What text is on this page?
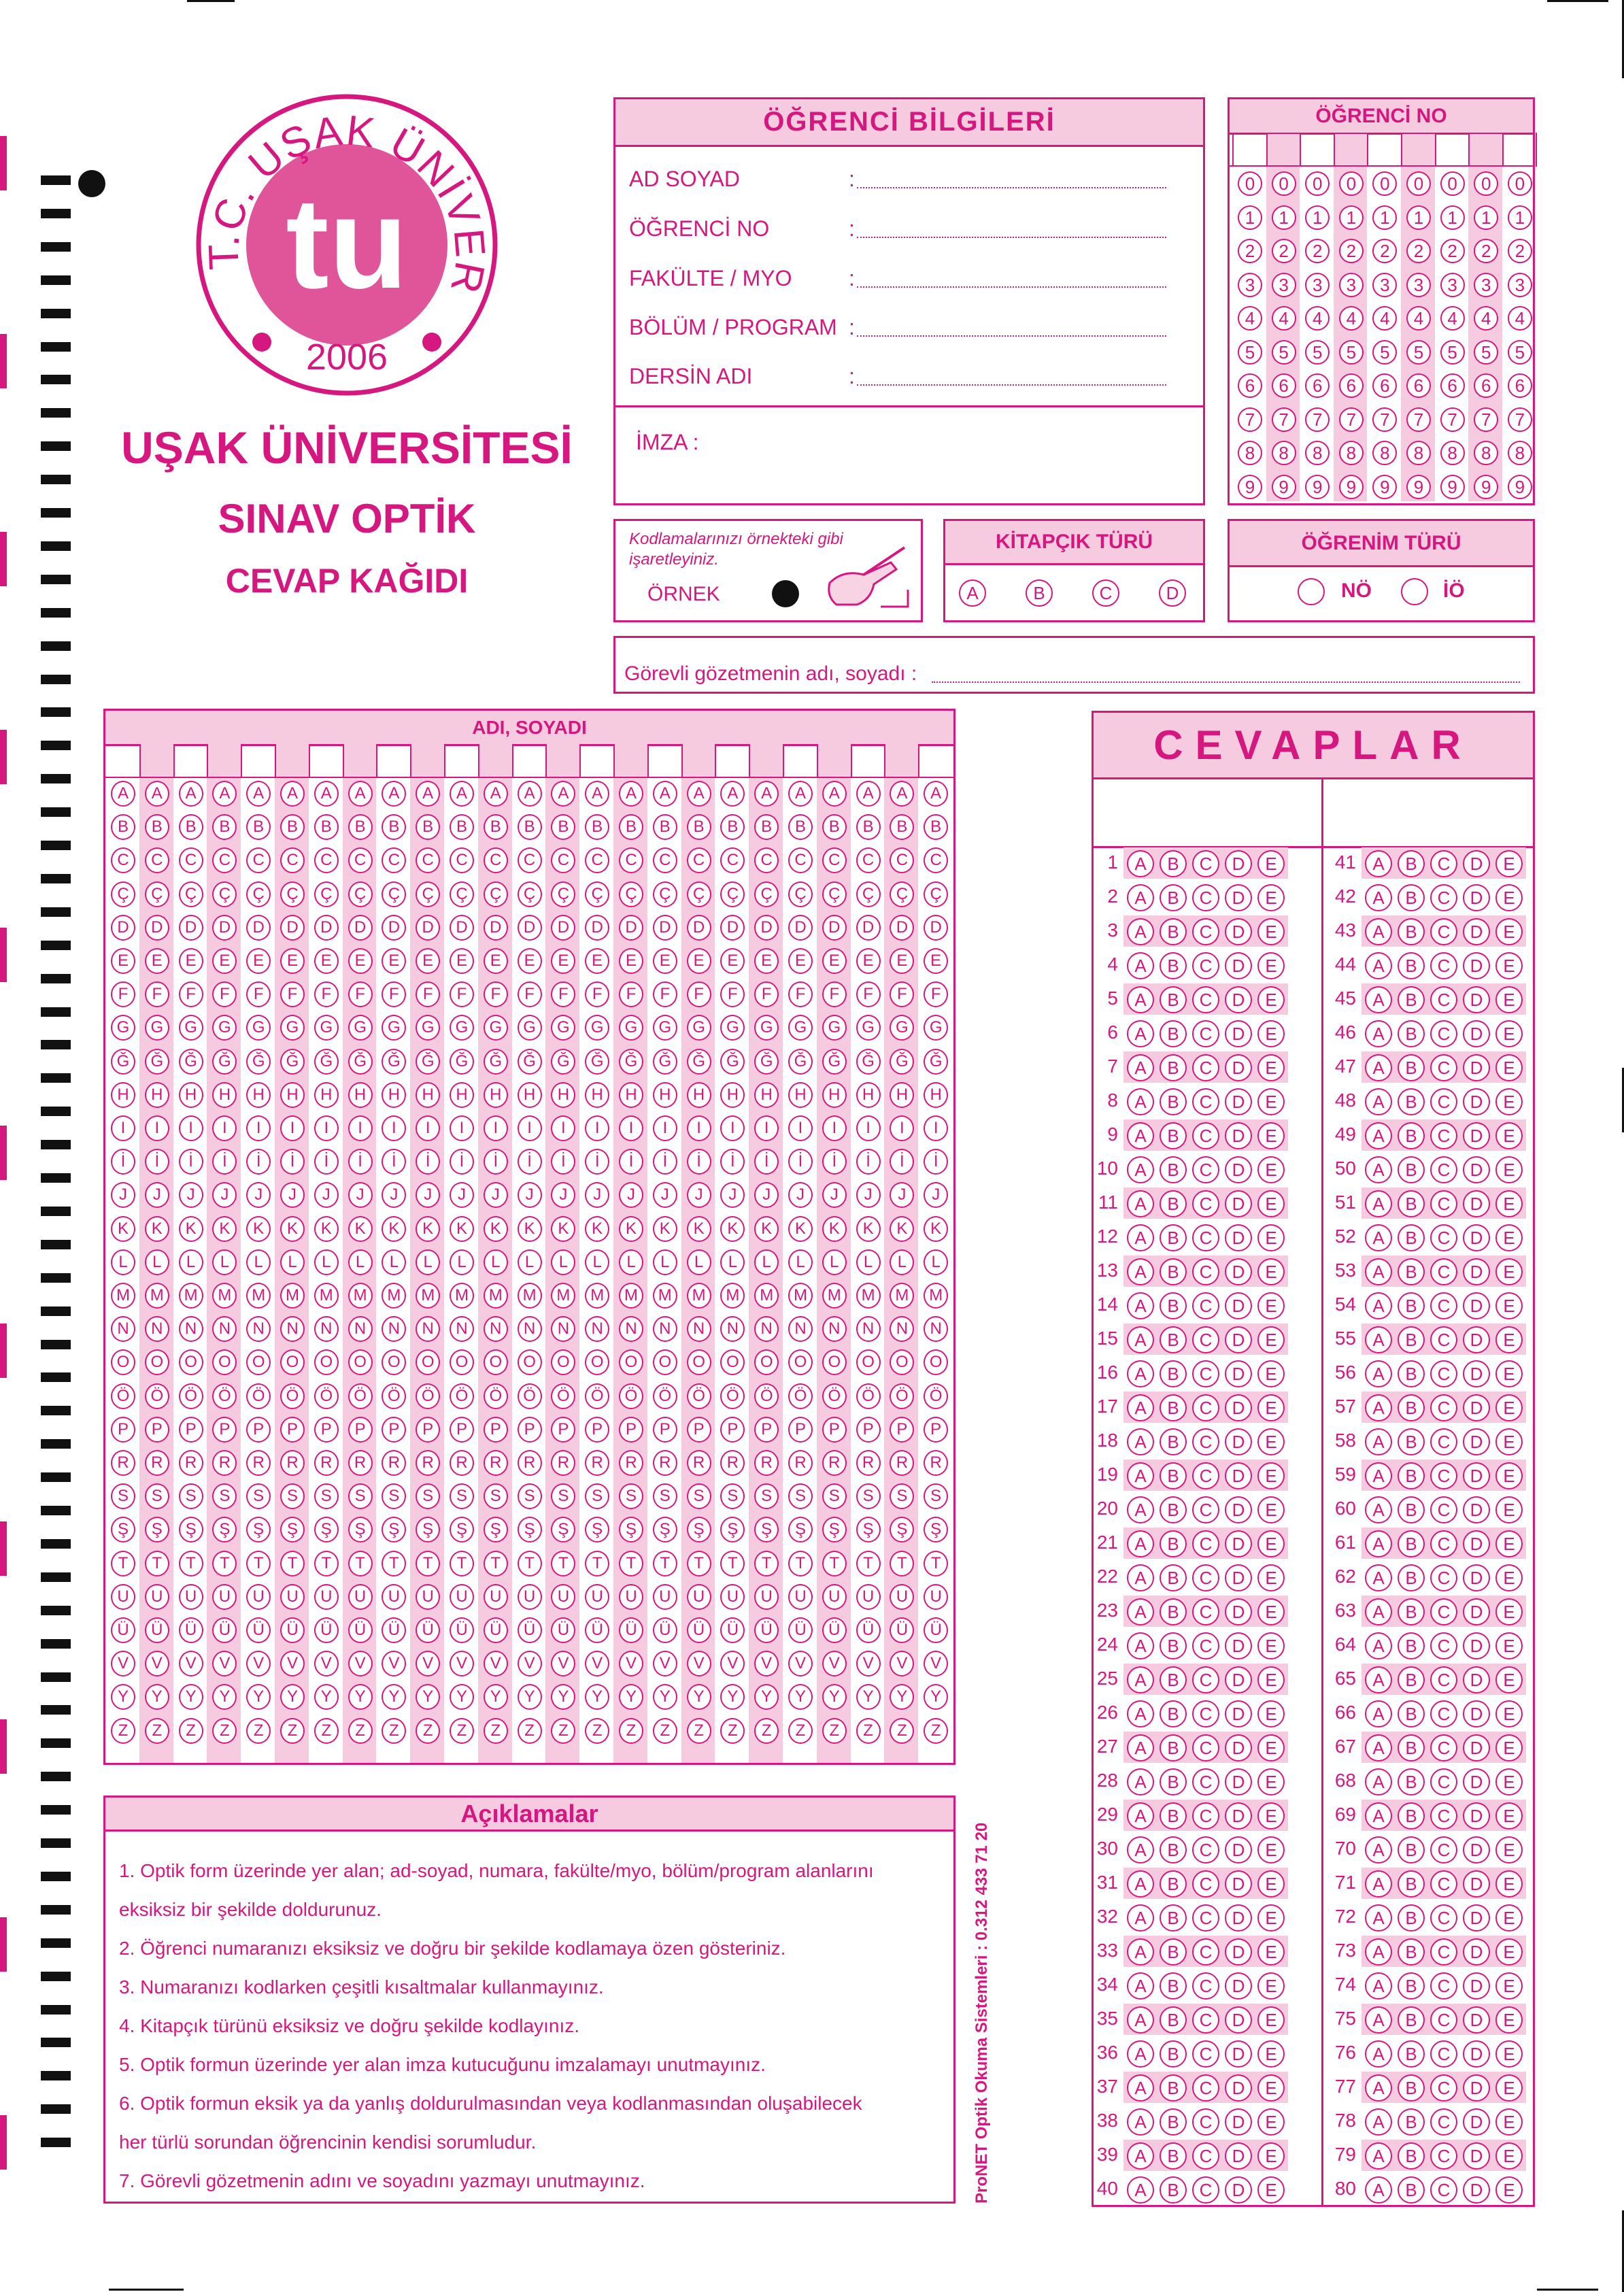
T.C. UŞAK ÜNİVER
tu
2006
UŞAK ÜNİVERSİTESİ
SINAV OPTİK
CEVAP KAĞIDI
ÖĞRENCİ BİLGİLERİ
AD SOYAD	:
ÖĞRENCİ NO	:
FAKÜLTE / MYO	:
BÖLÜM / PROGRAM :
DERSİN ADI	:
İMZA :
ÖĞRENCİ NO
0	0	0	0	0	0	0	0	0
1	1	1	1	1	1	1	1	1
2	2	2	2	2	2	2	2	2
3	3	3	3	3	3	3	3	3
4	4	4	4	4	4	4	4	4
5	5	5	5	5	5	5	5	5
6	6	6	6	6	6	6	6	6
7	7	7	7	7	7	7	7	7
8	8	8	8	8	8	8	8	8
9	9	9	9	9	9	9	9	9
Kodlamalarınızı örnekteki gibi işaretleyiniz.
ÖRNEK
KİTAPÇIK TÜRÜ
A	B	C	D
ÖĞRENİM TÜRÜ
NÖ	İÖ
Görevli gözetmenin adı, soyadı :
ADI, SOYADI
A	A	A	A	A	A	A	A	A	A	A	A	A	A	A	A	A	A	A	A	A	A	A	A	A
B	B	B	B	B	B	B	B	B	B	B	B	B	B	B	B	B	B	B	B	B	B	B	B	B
C	C	C	C	C	C	C	C	C	C	C	C	C	C	C	C	C	C	C	C	C	C	C	C	C
Ç	Ç	Ç	Ç	Ç	Ç	Ç	Ç	Ç	Ç	Ç	Ç	Ç	Ç	Ç	Ç	Ç	Ç	Ç	Ç	Ç	Ç	Ç	Ç	Ç
D	D	D	D	D	D	D	D	D	D	D	D	D	D	D	D	D	D	D	D	D	D	D	D	D
E	E	E	E	E	E	E	E	E	E	E	E	E	E	E	E	E	E	E	E	E	E	E	E	E
F	F	F	F	F	F	F	F	F	F	F	F	F	F	F	F	F	F	F	F	F	F	F	F	F
G	G	G	G	G	G	G	G	G	G	G	G	G	G	G	G	G	G	G	G	G	G	G	G	G
Ğ	Ğ	Ğ	Ğ	Ğ	Ğ	Ğ	Ğ	Ğ	Ğ	Ğ	Ğ	Ğ	Ğ	Ğ	Ğ	Ğ	Ğ	Ğ	Ğ	Ğ	Ğ	Ğ	Ğ	Ğ
H	H	H	H	H	H	H	H	H	H	H	H	H	H	H	H	H	H	H	H	H	H	H	H	H
I	I	I	I	I	I	I	I	I	I	I	I	I	I	I	I	I	I	I	I	I	I	I	I	I
İ	İ	İ	İ	İ	İ	İ	İ	İ	İ	İ	İ	İ	İ	İ	İ	İ	İ	İ	İ	İ	İ	İ	İ	İ
J	J	J	J	J	J	J	J	J	J	J	J	J	J	J	J	J	J	J	J	J	J	J	J	J
K	K	K	K	K	K	K	K	K	K	K	K	K	K	K	K	K	K	K	K	K	K	K	K	K
L	L	L	L	L	L	L	L	L	L	L	L	L	L	L	L	L	L	L	L	L	L	L	L	L
M	M	M	M	M	M	M	M	M	M	M	M	M	M	M	M	M	M	M	M	M	M	M	M	M
N	N	N	N	N	N	N	N	N	N	N	N	N	N	N	N	N	N	N	N	N	N	N	N	N
O	O	O	O	O	O	O	O	O	O	O	O	O	O	O	O	O	O	O	O	O	O	O	O	O
Ö	Ö	Ö	Ö	Ö	Ö	Ö	Ö	Ö	Ö	Ö	Ö	Ö	Ö	Ö	Ö	Ö	Ö	Ö	Ö	Ö	Ö	Ö	Ö	Ö
P	P	P	P	P	P	P	P	P	P	P	P	P	P	P	P	P	P	P	P	P	P	P	P	P
R	R	R	R	R	R	R	R	R	R	R	R	R	R	R	R	R	R	R	R	R	R	R	R	R
S	S	S	S	S	S	S	S	S	S	S	S	S	S	S	S	S	S	S	S	S	S	S	S	S
Ş	Ş	Ş	Ş	Ş	Ş	Ş	Ş	Ş	Ş	Ş	Ş	Ş	Ş	Ş	Ş	Ş	Ş	Ş	Ş	Ş	Ş	Ş	Ş	Ş
T	T	T	T	T	T	T	T	T	T	T	T	T	T	T	T	T	T	T	T	T	T	T	T	T
U	U	U	U	U	U	U	U	U	U	U	U	U	U	U	U	U	U	U	U	U	U	U	U	U
Ü	Ü	Ü	Ü	Ü	Ü	Ü	Ü	Ü	Ü	Ü	Ü	Ü	Ü	Ü	Ü	Ü	Ü	Ü	Ü	Ü	Ü	Ü	Ü	Ü
V	V	V	V	V	V	V	V	V	V	V	V	V	V	V	V	V	V	V	V	V	V	V	V	V
Y	Y	Y	Y	Y	Y	Y	Y	Y	Y	Y	Y	Y	Y	Y	Y	Y	Y	Y	Y	Y	Y	Y	Y	Y
Z	Z	Z	Z	Z	Z	Z	Z	Z	Z	Z	Z	Z	Z	Z	Z	Z	Z	Z	Z	Z	Z	Z	Z	Z
CEVAPLAR
1 A	B	C	D	E
2 A	B	C	D	E
3 A	B	C	D	E
4 A	B	C	D	E
5 A	B	C	D	E
6 A	B	C	D	E
7 A	B	C	D	E
8 A	B	C	D	E
9 A	B	C	D	E
10 A	B	C	D	E
11 A	B	C	D	E
12 A	B	C	D	E
13 A	B	C	D	E
14 A	B	C	D	E
15 A	B	C	D	E
16 A	B	C	D	E
17 A	B	C	D	E
18 A	B	C	D	E
19 A	B	C	D	E
20 A	B	C	D	E
21 A	B	C	D	E
22 A	B	C	D	E
23 A	B	C	D	E
24 A	B	C	D	E
25 A	B	C	D	E
26 A	B	C	D	E
27 A	B	C	D	E
28 A	B	C	D	E
29 A	B	C	D	E
30 A	B	C	D	E
31 A	B	C	D	E
32 A	B	C	D	E
33 A	B	C	D	E
34 A	B	C	D	E
35 A	B	C	D	E
36 A	B	C	D	E
37 A	B	C	D	E
38 A	B	C	D	E
39 A	B	C	D	E
40 A	B	C	D	E
41 A	B	C	D	E
42 A	B	C	D	E
43 A	B	C	D	E
44 A	B	C	D	E
45 A	B	C	D	E
46 A	B	C	D	E
47 A	B	C	D	E
48 A	B	C	D	E
49 A	B	C	D	E
50 A	B	C	D	E
51 A	B	C	D	E
52 A	B	C	D	E
53 A	B	C	D	E
54 A	B	C	D	E
55 A	B	C	D	E
56 A	B	C	D	E
57 A	B	C	D	E
58 A	B	C	D	E
59 A	B	C	D	E
60 A	B	C	D	E
61 A	B	C	D	E
62 A	B	C	D	E
63 A	B	C	D	E
64 A	B	C	D	E
65 A	B	C	D	E
66 A	B	C	D	E
67 A	B	C	D	E
68 A	B	C	D	E
69 A	B	C	D	E
70 A	B	C	D	E
71 A	B	C	D	E
72 A	B	C	D	E
73 A	B	C	D	E
74 A	B	C	D	E
75 A	B	C	D	E
76 A	B	C	D	E
77 A	B	C	D	E
78 A	B	C	D	E
79 A	B	C	D	E
80 A	B	C	D	E
Açıklamalar
1. Optik form üzerinde yer alan; ad-soyad, numara, fakülte/myo, bölüm/program alanlarını
eksiksiz bir şekilde doldurunuz.
2. Öğrenci numaranızı eksiksiz ve doğru bir şekilde kodlamaya özen gösteriniz.
3. Numaranızı kodlarken çeşitli kısaltmalar kullanmayınız.
4. Kitapçık türünü eksiksiz ve doğru şekilde kodlayınız.
5. Optik formun üzerinde yer alan imza kutucuğunu imzalamayı unutmayınız.
6. Optik formun eksik ya da yanlış doldurulmasından veya kodlanmasından oluşabilecek
her türlü sorundan öğrencinin kendisi sorumludur.
7. Görevli gözetmenin adını ve soyadını yazmayı unutmayınız.	ProNET Optik Okuma Sistemleri : 0.312 433 71 20
